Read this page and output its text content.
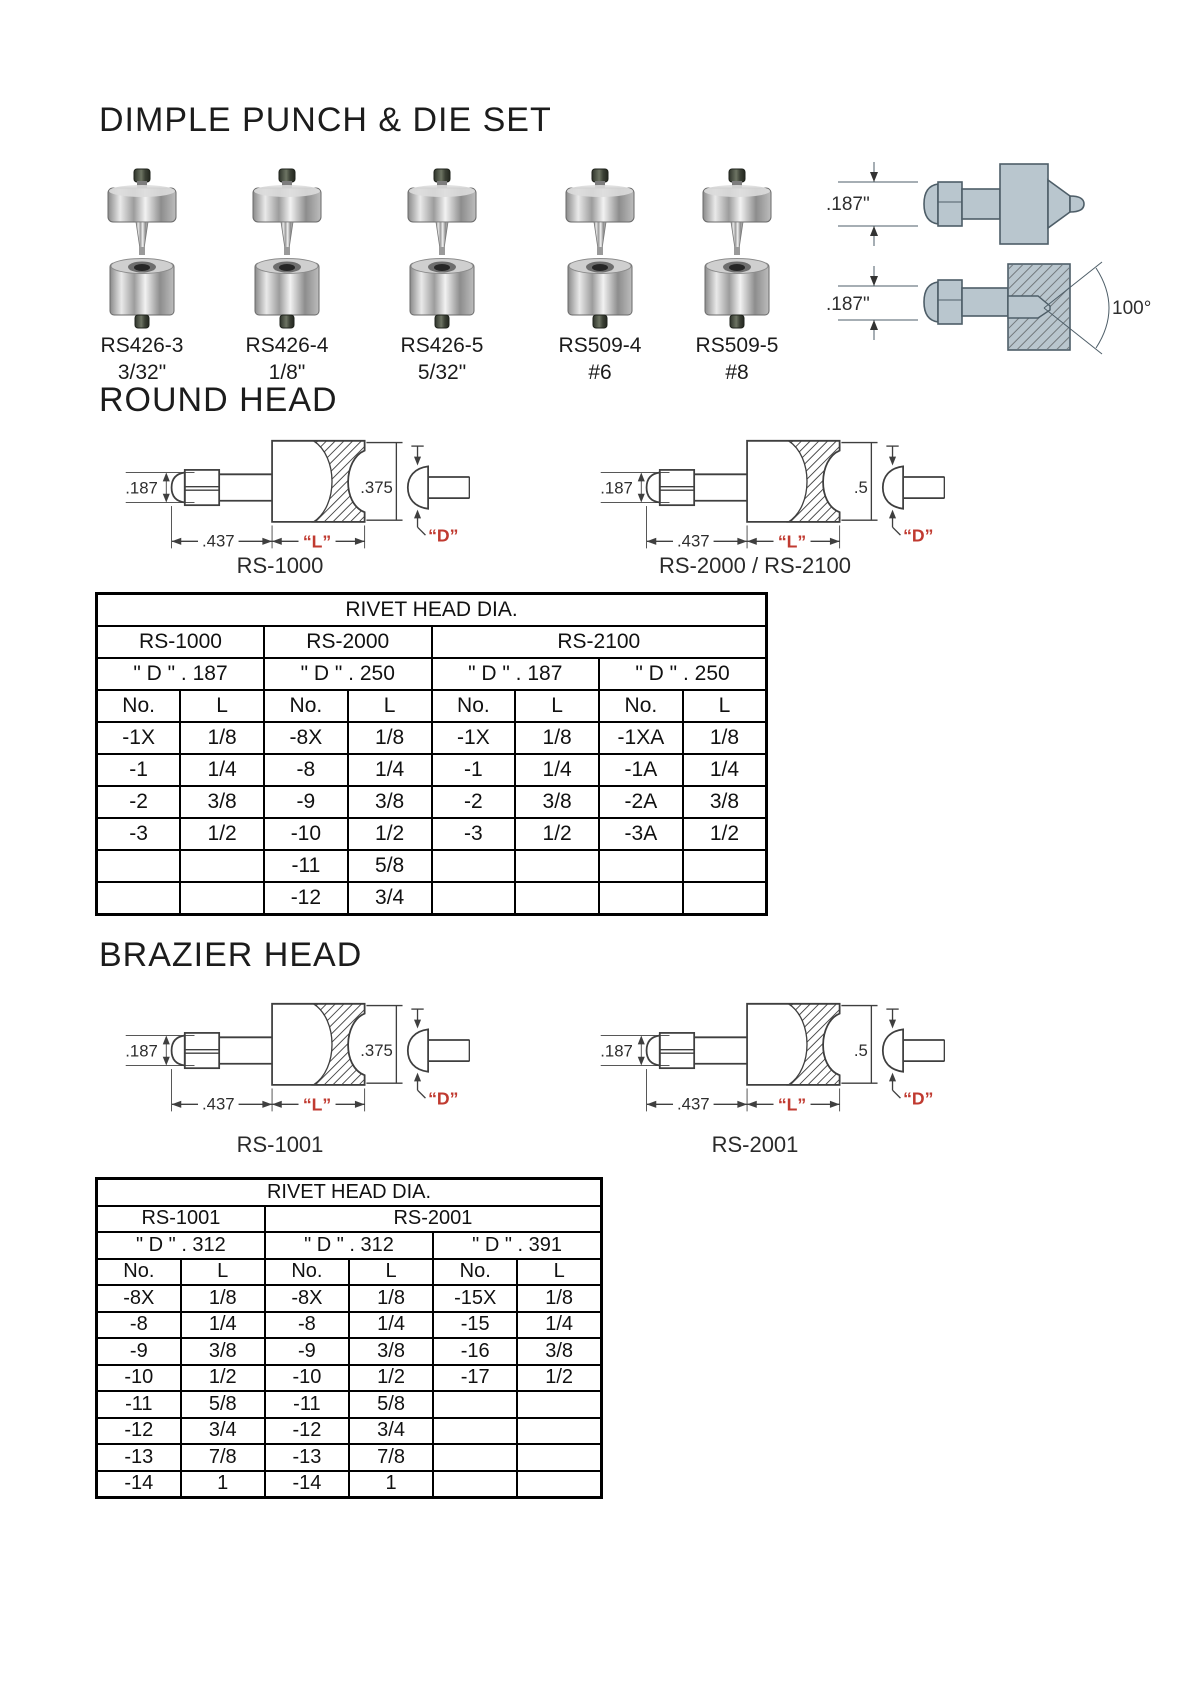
DIMPLE PUNCH & DIE SET
.187"
.187"	100°
RS426-3
3/32"
RS426-4
1/8"
RS426-5
5/32"
RS509-4
#6
RS509-5
#8
ROUND HEAD
.187
.437	“L”
.375
“D”
.187
.437	“L”
.5
“D”
RS-1000	RS-2000 / RS-2100
RIVET HEAD DIA.							
RS-1000		RS-2000		RS-2100			
" D " . 187		" D " . 250		" D " . 187		" D " . 250	
No.	L	No.	L	No.	L	No.	L
-1X	1/8	-8X	1/8	-1X	1/8	-1XA	1/8
-1	1/4	-8	1/4	-1	1/4	-1A	1/4
-2	3/8	-9	3/8	-2	3/8	-2A	3/8
-3	1/2	-10	1/2	-3	1/2	-3A	1/2
		-11	5/8				
		-12	3/4				
BRAZIER HEAD
.187
.437	“L”
.375
“D”
.187
.437	“L”
.5
“D”
RS-1001	RS-2001
RIVET HEAD DIA.					
RS-1001		RS-2001			
" D " . 312		" D " . 312		" D " . 391	
No.	L	No.	L	No.	L
-8X	1/8	-8X	1/8	-15X	1/8
-8	1/4	-8	1/4	-15	1/4
-9	3/8	-9	3/8	-16	3/8
-10	1/2	-10	1/2	-17	1/2
-11	5/8	-11	5/8		
-12	3/4	-12	3/4		
-13	7/8	-13	7/8		
-14	1	-14	1		
